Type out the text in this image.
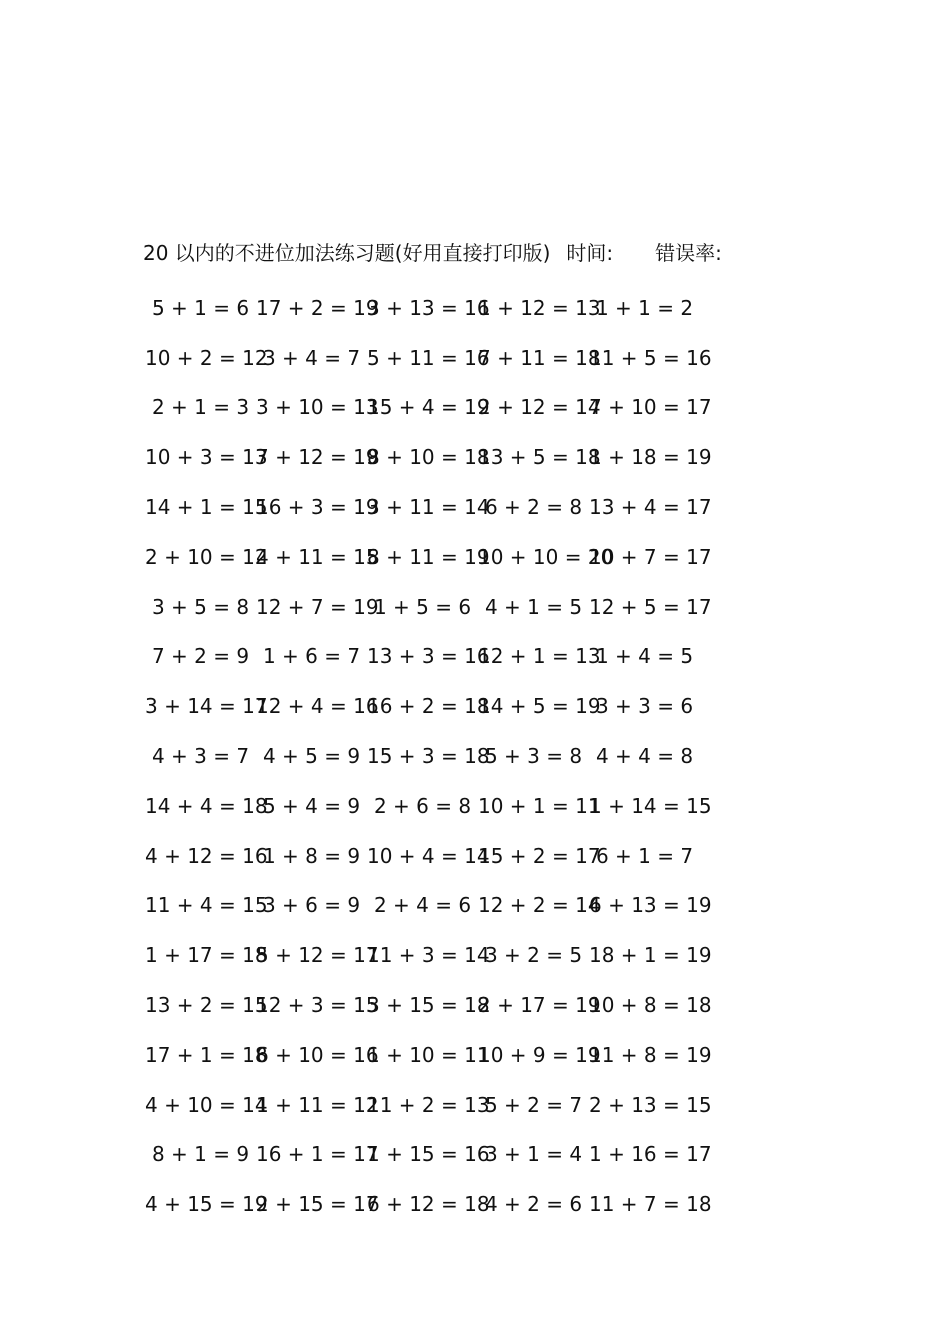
20 以内的不进位加法练习题(好用直接打印版) 时间: 错误率:
5 + 1 = 6 17 + 2 = 19
3 + 13 = 16
1 + 12 = 13
1 + 1 = 2
10 + 2 = 12
3 + 4 = 7 5 + 11 = 16
7 + 11 = 18
11 + 5 = 16
2 + 1 = 3 3 + 10 = 13
15 + 4 = 19
2 + 12 = 14
7 + 10 = 17
10 + 3 = 13
7 + 12 = 19
8 + 10 = 18
13 + 5 = 18
1 + 18 = 19
14 + 1 = 15
16 + 3 = 19
3 + 11 = 14
6 + 2 = 8 13 + 4 = 17
2 + 10 = 12
4 + 11 = 15
8 + 11 = 19
10 + 10 = 20
10 + 7 = 17
3 + 5 = 8 12 + 7 = 19
1 + 5 = 6 4 + 1 = 5 12 + 5 = 17
7 + 2 = 9 1 + 6 = 7 13 + 3 = 16
12 + 1 = 13
1 + 4 = 5
3 + 14 = 17
12 + 4 = 16
16 + 2 = 18
14 + 5 = 19
3 + 3 = 6
4 + 3 = 7 4 + 5 = 9 15 + 3 = 18
5 + 3 = 8 4 + 4 = 8
14 + 4 = 18
5 + 4 = 9 2 + 6 = 8 10 + 1 = 11
1 + 14 = 15
4 + 12 = 16
1 + 8 = 9 10 + 4 = 14
15 + 2 = 17
6 + 1 = 7
11 + 4 = 15
3 + 6 = 9 2 + 4 = 6 12 + 2 = 14
6 + 13 = 19
1 + 17 = 18
5 + 12 = 17
11 + 3 = 14
3 + 2 = 5 18 + 1 = 19
13 + 2 = 15
12 + 3 = 15
3 + 15 = 18
2 + 17 = 19
10 + 8 = 18
17 + 1 = 18
6 + 10 = 16
1 + 10 = 11
10 + 9 = 19
11 + 8 = 19
4 + 10 = 14
1 + 11 = 12
11 + 2 = 13
5 + 2 = 7 2 + 13 = 15
8 + 1 = 9 16 + 1 = 17
1 + 15 = 16
3 + 1 = 4 1 + 16 = 17
4 + 15 = 19
2 + 15 = 17
6 + 12 = 18
4 + 2 = 6 11 + 7 = 18
